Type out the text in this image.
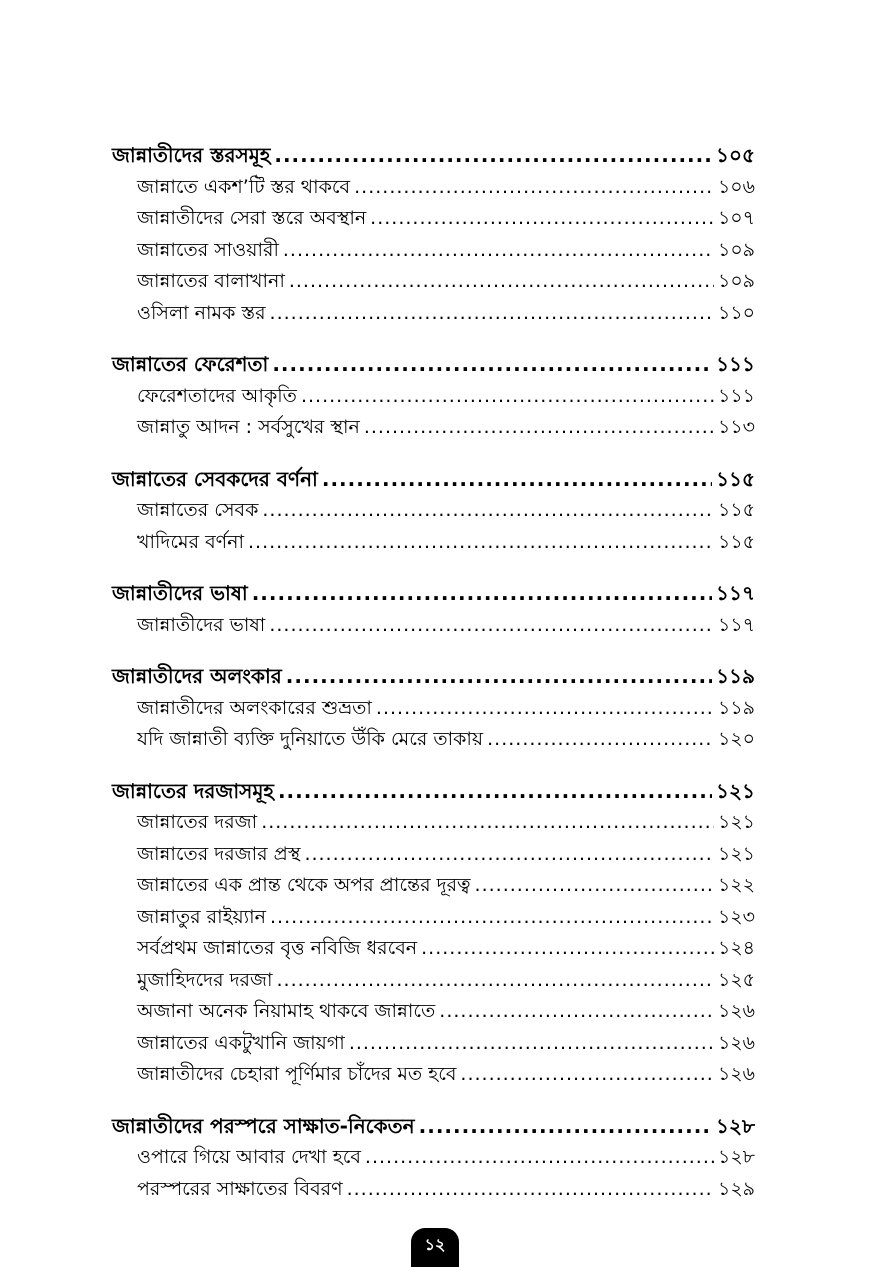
জান্নাতীদের স্তরসমূহ .....	১০৫
জান্নাতে একশ’টি স্তর থাকবে .....	১০৬
জান্নাতীদের সেরা স্তরে অবস্থান .....	১০৭
জান্নাতের সাওয়ারী .....	১০৯
জান্নাতের বালাখানা .....	১০৯
ওসিলা নামক স্তর .....	১১০
জান্নাতের ফেরেশতা .....	১১১
ফেরেশতাদের আকৃতি .....	১১১
জান্নাতু আদন : সর্বসুখের স্থান .....	১১৩
জান্নাতের সেবকদের বর্ণনা .....	১১৫
জান্নাতের সেবক .....	১১৫
খাদিমের বর্ণনা .....	১১৫
জান্নাতীদের ভাষা .....	১১৭
জান্নাতীদের ভাষা .....	১১৭
জান্নাতীদের অলংকার .....	১১৯
জান্নাতীদের অলংকারের শুভ্রতা .....	১১৯
যদি জান্নাতী ব্যক্তি দুনিয়াতে উঁকি মেরে তাকায় .....	১২০
জান্নাতের দরজাসমূহ .....	১২১
জান্নাতের দরজা .....	১২১
জান্নাতের দরজার প্রস্থ .....	১২১
জান্নাতের এক প্রান্ত থেকে অপর প্রান্তের দূরত্ব .....	১২২
জান্নাতুর রাইয়্যান .....	১২৩
সর্বপ্রথম জান্নাতের বৃত্ত নবিজি ধরবেন .....	১২৪
মুজাহিদদের দরজা .....	১২৫
অজানা অনেক নিয়ামাহ থাকবে জান্নাতে .....	১২৬
জান্নাতের একটুখানি জায়গা .....	১২৬
জান্নাতীদের চেহারা পূর্ণিমার চাঁদের মত হবে .....	১২৬
জান্নাতীদের পরস্পরে সাক্ষাত-নিকেতন .....	১২৮
ওপারে গিয়ে আবার দেখা হবে .....	১২৮
পরস্পরের সাক্ষাতের বিবরণ .....	১২৯
১২
